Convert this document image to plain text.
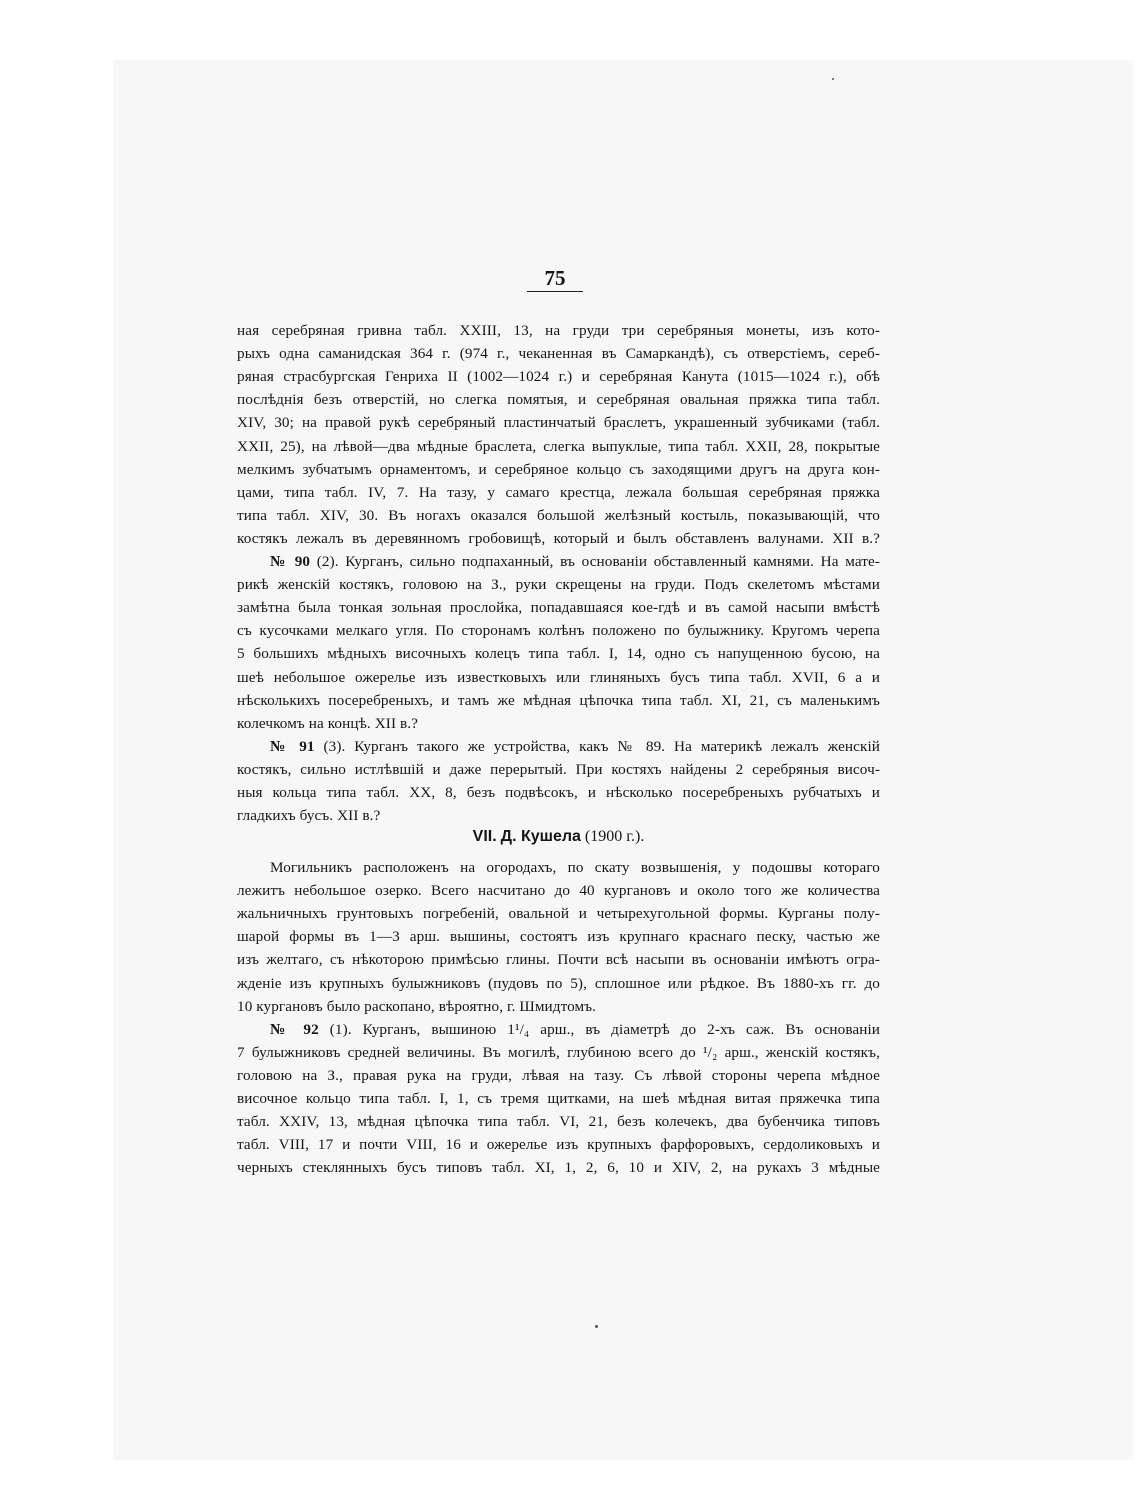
75
ная серебряная гривна табл. XXIII, 13, на груди три серебряныя монеты, изъ кото-
рыхъ одна саманидская 364 г. (974 г., чеканенная въ Самаркандѣ), съ отверстіемъ, сереб-
ряная страсбургская Генриха II (1002—1024 г.) и серебряная Канута (1015—1024 г.), обѣ
послѣднія безъ отверстій, но слегка помятыя, и серебряная овальная пряжка типа табл.
XIV, 30; на правой рукѣ серебряный пластинчатый браслетъ, украшенный зубчиками (табл.
XXII, 25), на лѣвой—два мѣдные браслета, слегка выпуклые, типа табл. XXII, 28, покрытые
мелкимъ зубчатымъ орнаментомъ, и серебряное кольцо съ заходящими другъ на друга кон-
цами, типа табл. IV, 7. На тазу, у самаго крестца, лежала большая серебряная пряжка
типа табл. XIV, 30. Въ ногахъ оказался большой желѣзный костыль, показывающій, что
костякъ лежалъ въ деревянномъ гробовищѣ, который и былъ обставленъ валунами. XII в.?
№ 90 (2). Курганъ, сильно подпаханный, въ основаніи обставленный камнями. На мате-
рикѣ женскій костякъ, головою на З., руки скрещены на груди. Подъ скелетомъ мѣстами
замѣтна была тонкая зольная прослойка, попадавшаяся кое-гдѣ и въ самой насыпи вмѣстѣ
съ кусочками мелкаго угля. По сторонамъ колѣнъ положено по булыжнику. Кругомъ черепа
5 большихъ мѣдныхъ височныхъ колецъ типа табл. I, 14, одно съ напущенною бусою, на
шеѣ небольшое ожерелье изъ известковыхъ или глиняныхъ бусъ типа табл. XVII, 6 а и
нѣсколькихъ посеребреныхъ, и тамъ же мѣдная цѣпочка типа табл. XI, 21, съ маленькимъ
колечкомъ на концѣ. XII в.?
№ 91 (3). Курганъ такого же устройства, какъ № 89. На материкѣ лежалъ женскій
костякъ, сильно истлѣвшій и даже перерытый. При костяхъ найдены 2 серебряныя височ-
ныя кольца типа табл. XX, 8, безъ подвѣсокъ, и нѣсколько посеребреныхъ рубчатыхъ и
гладкихъ бусъ. XII в.?
VII. Д. Кушела (1900 г.).
Могильникъ расположенъ на огородахъ, по скату возвышенія, у подошвы котораго
лежитъ небольшое озерко. Всего насчитано до 40 кургановъ и около того же количества
жальничныхъ грунтовыхъ погребеній, овальной и четырехугольной формы. Курганы полу-
шарой формы въ 1—3 арш. вышины, состоятъ изъ крупнаго краснаго песку, частью же
изъ желтаго, съ нѣкоторою примѣсью глины. Почти всѣ насыпи въ основаніи имѣютъ огра-
жденіе изъ крупныхъ булыжниковъ (пудовъ по 5), сплошное или рѣдкое. Въ 1880-хъ гг. до
10 кургановъ было раскопано, вѣроятно, г. Шмидтомъ.
№ 92 (1). Курганъ, вышиною 1¹/₄ арш., въ діаметрѣ до 2-хъ саж. Въ основаніи
7 булыжниковъ средней величины. Въ могилѣ, глубиною всего до ¹/₂ арш., женскій костякъ,
головою на З., правая рука на груди, лѣвая на тазу. Съ лѣвой стороны черепа мѣдное
височное кольцо типа табл. I, 1, съ тремя щитками, на шеѣ мѣдная витая пряжечка типа
табл. XXIV, 13, мѣдная цѣпочка типа табл. VI, 21, безъ колечекъ, два бубенчика типовъ
табл. VIII, 17 и почти VIII, 16 и ожерелье изъ крупныхъ фарфоровыхъ, сердоликовыхъ и
черныхъ стеклянныхъ бусъ типовъ табл. XI, 1, 2, 6, 10 и XIV, 2, на рукахъ 3 мѣдные
